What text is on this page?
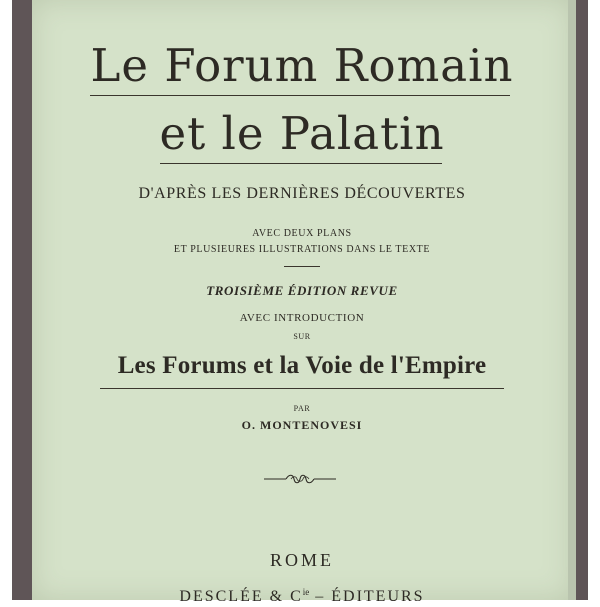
Le Forum Romain

et le Palatin

D'APRÈS LES DERNIÈRES DÉCOUVERTES

AVEC DEUX PLANS

ET PLUSIEURES ILLUSTRATIONS DANS LE TEXTE

TROISIÈME ÉDITION REVUE

AVEC INTRODUCTION

SUR

Les Forums et la Voie de l'Empire

PAR

O. MONTENOVESI

ROME

DESCLÉE & $C^{ie}$ – ÉDITEURS
